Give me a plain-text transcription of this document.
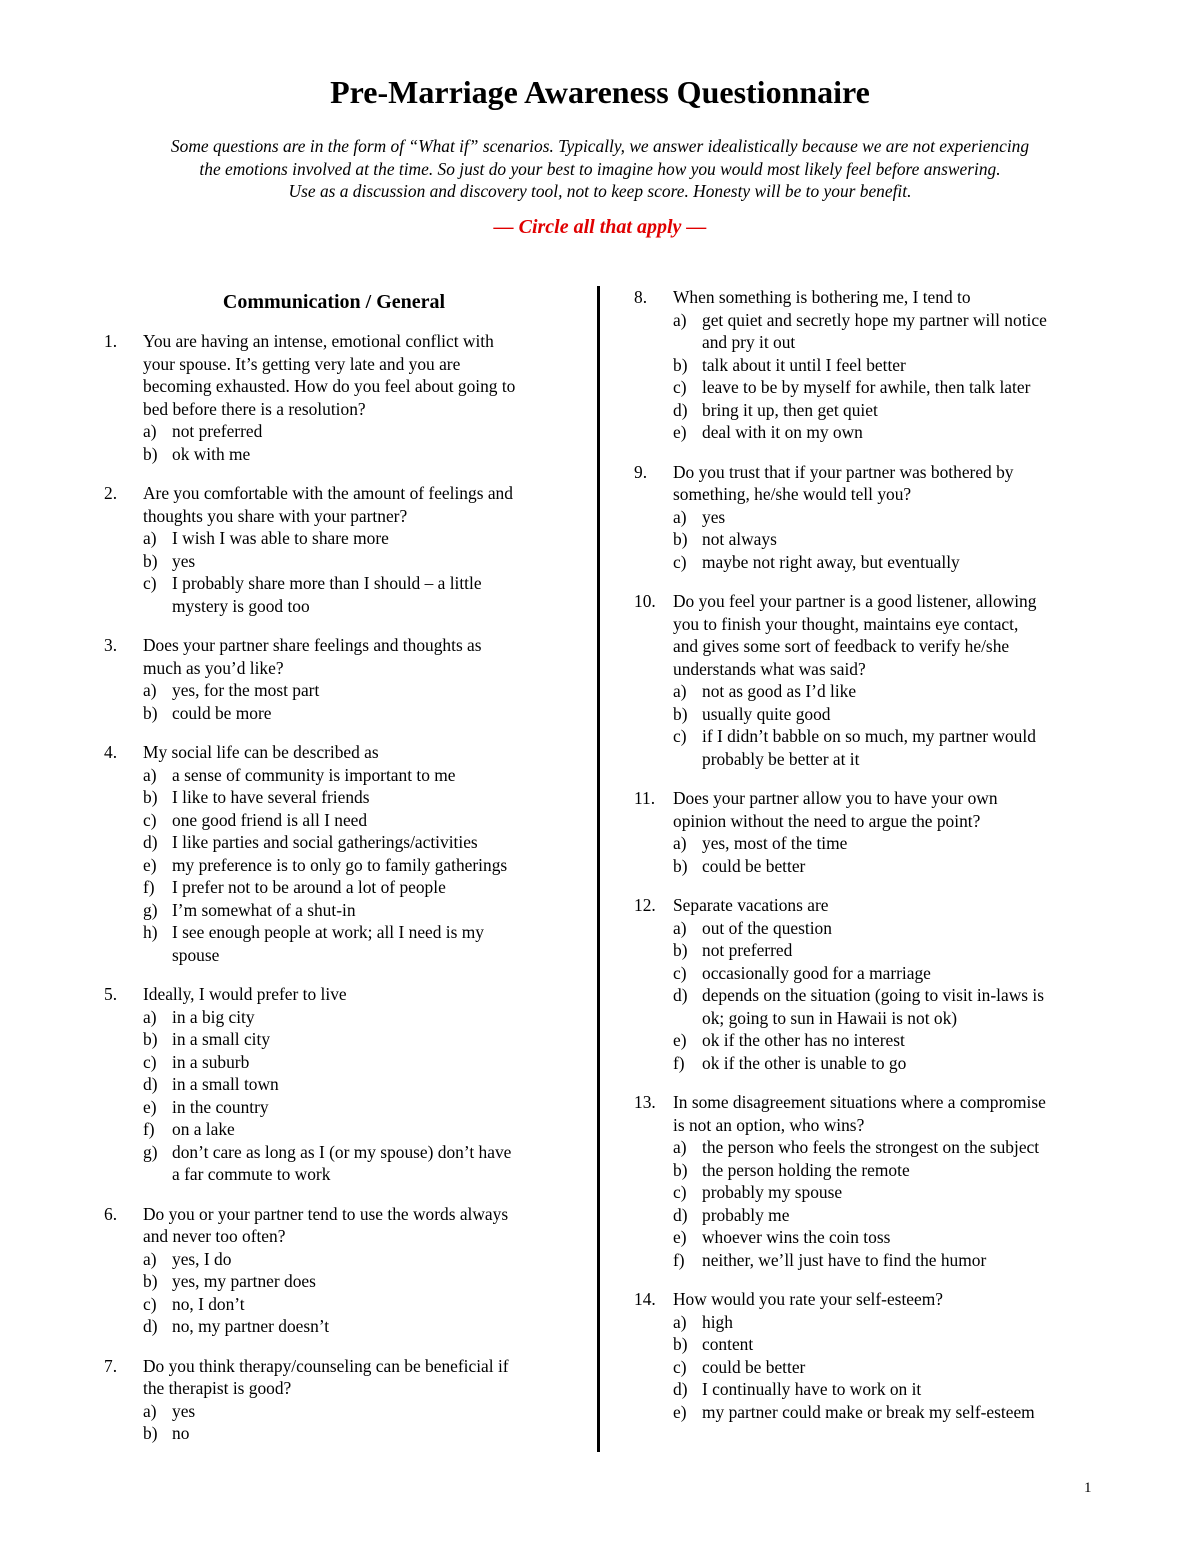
Pre-Marriage Awareness Questionnaire
Some questions are in the form of “What if” scenarios. Typically, we answer idealistically because we are not experiencing
the emotions involved at the time. So just do your best to imagine how you would most likely feel before answering.
Use as a discussion and discovery tool, not to keep score. Honesty will be to your benefit.
— Circle all that apply —
Communication / General
1.	You are having an intense, emotional conflict with
your spouse. It’s getting very late and you are
becoming exhausted. How do you feel about going to
bed before there is a resolution?
a) not preferred
b) ok with me
2.	Are you comfortable with the amount of feelings and
thoughts you share with your partner?
a) I wish I was able to share more
b) yes
c) I probably share more than I should – a little
mystery is good too
3.	Does your partner share feelings and thoughts as
much as you’d like?
a) yes, for the most part
b) could be more
4.	My social life can be described as
a) a sense of community is important to me
b) I like to have several friends
c) one good friend is all I need
d) I like parties and social gatherings/activities
e) my preference is to only go to family gatherings
f)	I prefer not to be around a lot of people
g) I’m somewhat of a shut-in
h) I see enough people at work; all I need is my
spouse
5.	Ideally, I would prefer to live
a) in a big city
b) in a small city
c) in a suburb
d) in a small town
e) in the country
f)	on a lake
g) don’t care as long as I (or my spouse) don’t have
a far commute to work
6.	Do you or your partner tend to use the words always
and never too often?
a) yes, I do
b) yes, my partner does
c) no, I don’t
d) no, my partner doesn’t
7.	Do you think therapy/counseling can be beneficial if
the therapist is good?
a) yes
b) no
8.	When something is bothering me, I tend to
a) get quiet and secretly hope my partner will notice
and pry it out
b) talk about it until I feel better
c) leave to be by myself for awhile, then talk later
d) bring it up, then get quiet
e) deal with it on my own
9.	Do you trust that if your partner was bothered by
something, he/she would tell you?
a) yes
b) not always
c) maybe not right away, but eventually
10. Do you feel your partner is a good listener, allowing
you to finish your thought, maintains eye contact,
and gives some sort of feedback to verify he/she
understands what was said?
a) not as good as I’d like
b) usually quite good
c) if I didn’t babble on so much, my partner would
probably be better at it
11.	Does your partner allow you to have your own
opinion without the need to argue the point?
a) yes, most of the time
b) could be better
12. Separate vacations are
a) out of the question
b) not preferred
c) occasionally good for a marriage
d) depends on the situation (going to visit in-laws is
ok; going to sun in Hawaii is not ok)
e) ok if the other has no interest
f)	ok if the other is unable to go
13. In some disagreement situations where a compromise
is not an option, who wins?
a) the person who feels the strongest on the subject
b) the person holding the remote
c) probably my spouse
d) probably me
e) whoever wins the coin toss
f)	neither, we’ll just have to find the humor
14. How would you rate your self-esteem?
a) high
b) content
c) could be better
d) I continually have to work on it
e) my partner could make or break my self-esteem
1
